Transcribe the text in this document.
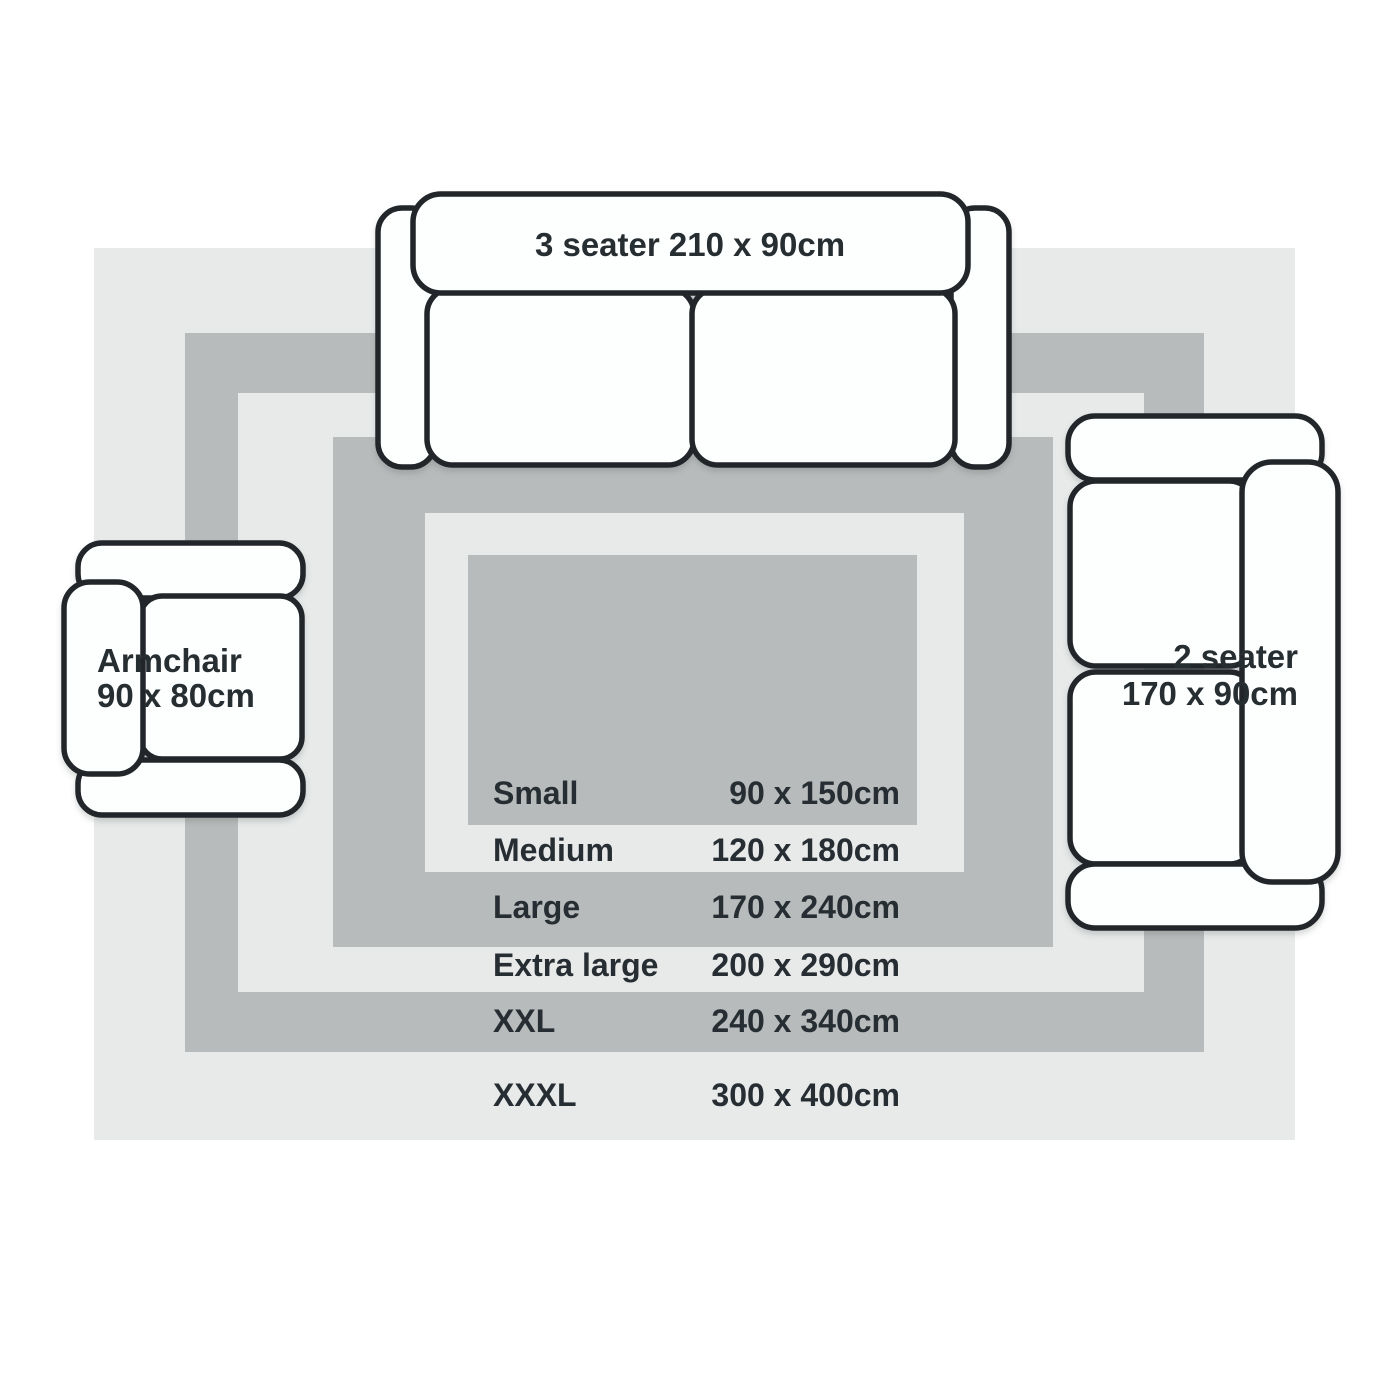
3 seater 210 x 90cm
Armchair
90 x 80cm
2 seater
170 x 90cm
Small	90 x 150cm
Medium	120 x 180cm
Large	170 x 240cm
Extra large 200 x 290cm
XXL	240 x 340cm
XXXL	300 x 400cm
